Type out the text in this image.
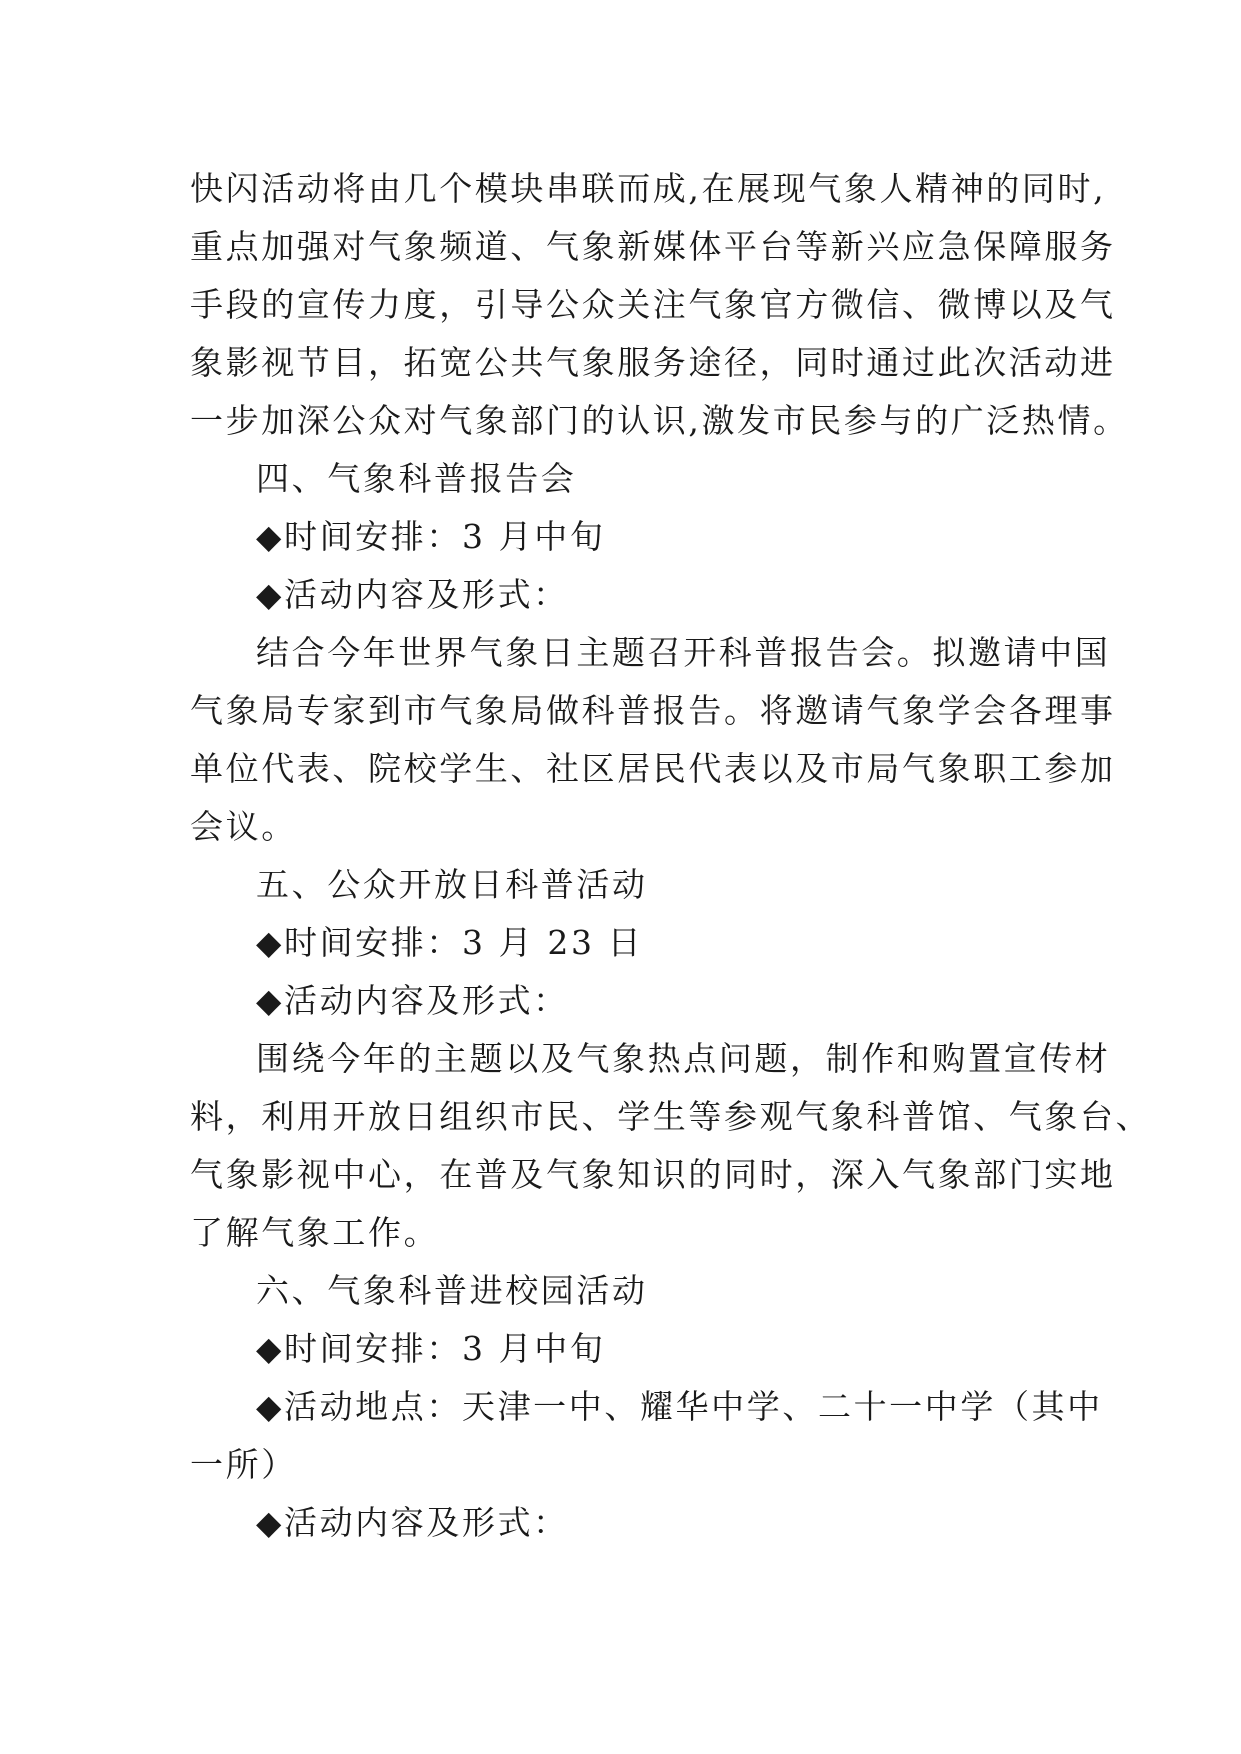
快闪活动将由几个模块串联而成,在展现气象人精神的同时,
重点加强对气象频道、气象新媒体平台等新兴应急保障服务
手段的宣传力度，引导公众关注气象官方微信、微博以及气
象影视节目，拓宽公共气象服务途径，同时通过此次活动进
一步加深公众对气象部门的认识,激发市民参与的广泛热情。
四、气象科普报告会
◆时间安排：3 月中旬
◆活动内容及形式：
结合今年世界气象日主题召开科普报告会。拟邀请中国
气象局专家到市气象局做科普报告。将邀请气象学会各理事
单位代表、院校学生、社区居民代表以及市局气象职工参加
会议。
五、公众开放日科普活动
◆时间安排：3 月 23 日
◆活动内容及形式：
围绕今年的主题以及气象热点问题，制作和购置宣传材
料，利用开放日组织市民、学生等参观气象科普馆、气象台、
气象影视中心，在普及气象知识的同时，深入气象部门实地
了解气象工作。
六、气象科普进校园活动
◆时间安排：3 月中旬
◆活动地点：天津一中、耀华中学、二十一中学（其中
一所）
◆活动内容及形式：
